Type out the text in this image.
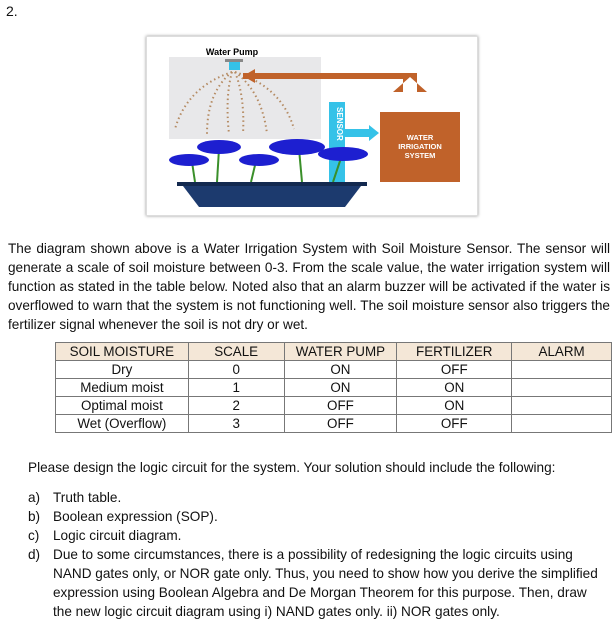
2.
Water Pump
SENSOR	WATER
IRRIGATION
SYSTEM
The diagram shown above is a Water Irrigation System with Soil Moisture Sensor. The sensor will generate a scale of soil moisture between 0-3. From the scale value, the water irrigation system will function as stated in the table below. Noted also that an alarm buzzer will be activated if the water is overflowed to warn that the system is not functioning well. The soil moisture sensor also triggers the fertilizer signal whenever the soil is not dry or wet.
SOIL MOISTURE	SCALE	WATER PUMP	FERTILIZER	ALARM
Dry	0	ON	OFF	
Medium moist	1	ON	ON	
Optimal moist	2	OFF	ON	
Wet (Overflow)	3	OFF	OFF	
Please design the logic circuit for the system. Your solution should include the following:
a) Truth table.
b) Boolean expression (SOP).
c)	Logic circuit diagram.
d) Due to some circumstances, there is a possibility of redesigning the logic circuits using NAND gates only, or NOR gate only. Thus, you need to show how you derive the simplified expression using Boolean Algebra and De Morgan Theorem for this purpose. Then, draw the new logic circuit diagram using i) NAND gates only. ii) NOR gates only.
